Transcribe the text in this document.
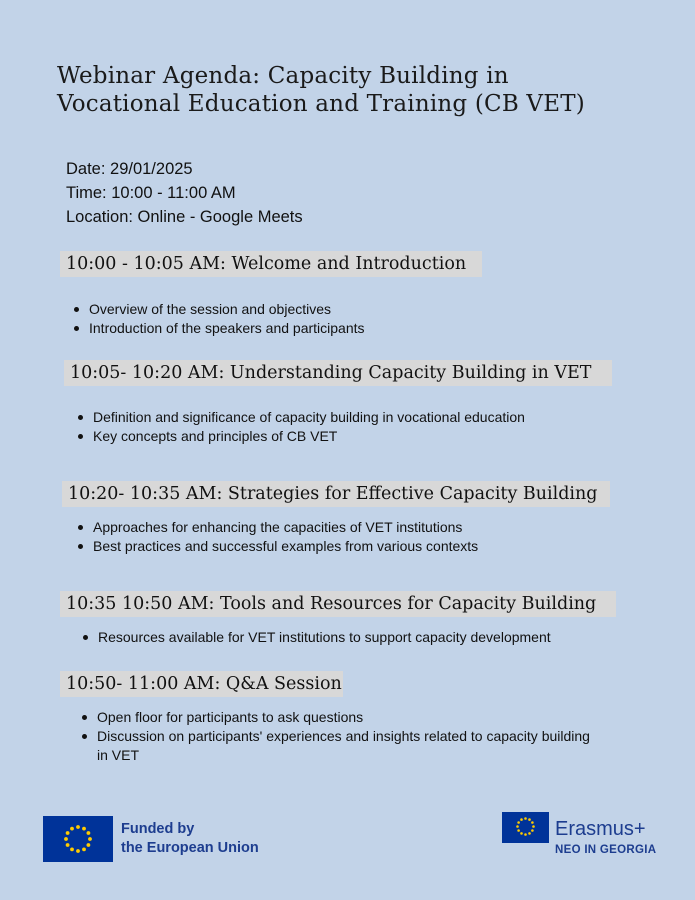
Webinar Agenda: Capacity Building in
Vocational Education and Training (CB VET)
Date: 29/01/2025
Time: 10:00 - 11:00 AM
Location: Online - Google Meets
10:00 - 10:05 AM: Welcome and Introduction
Overview of the session and objectives
Introduction of the speakers and participants
10:05- 10:20 AM: Understanding Capacity Building in VET
Definition and significance of capacity building in vocational education
Key concepts and principles of CB VET
10:20- 10:35 AM: Strategies for Effective Capacity Building
Approaches for enhancing the capacities of VET institutions
Best practices and successful examples from various contexts
10:35 10:50 AM: Tools and Resources for Capacity Building
Resources available for VET institutions to support capacity development
10:50- 11:00 AM: Q&A Session
Open floor for participants to ask questions
Discussion on participants' experiences and insights related to capacity building in VET
Funded by
the European Union
Erasmus+
NEO IN GEORGIA
